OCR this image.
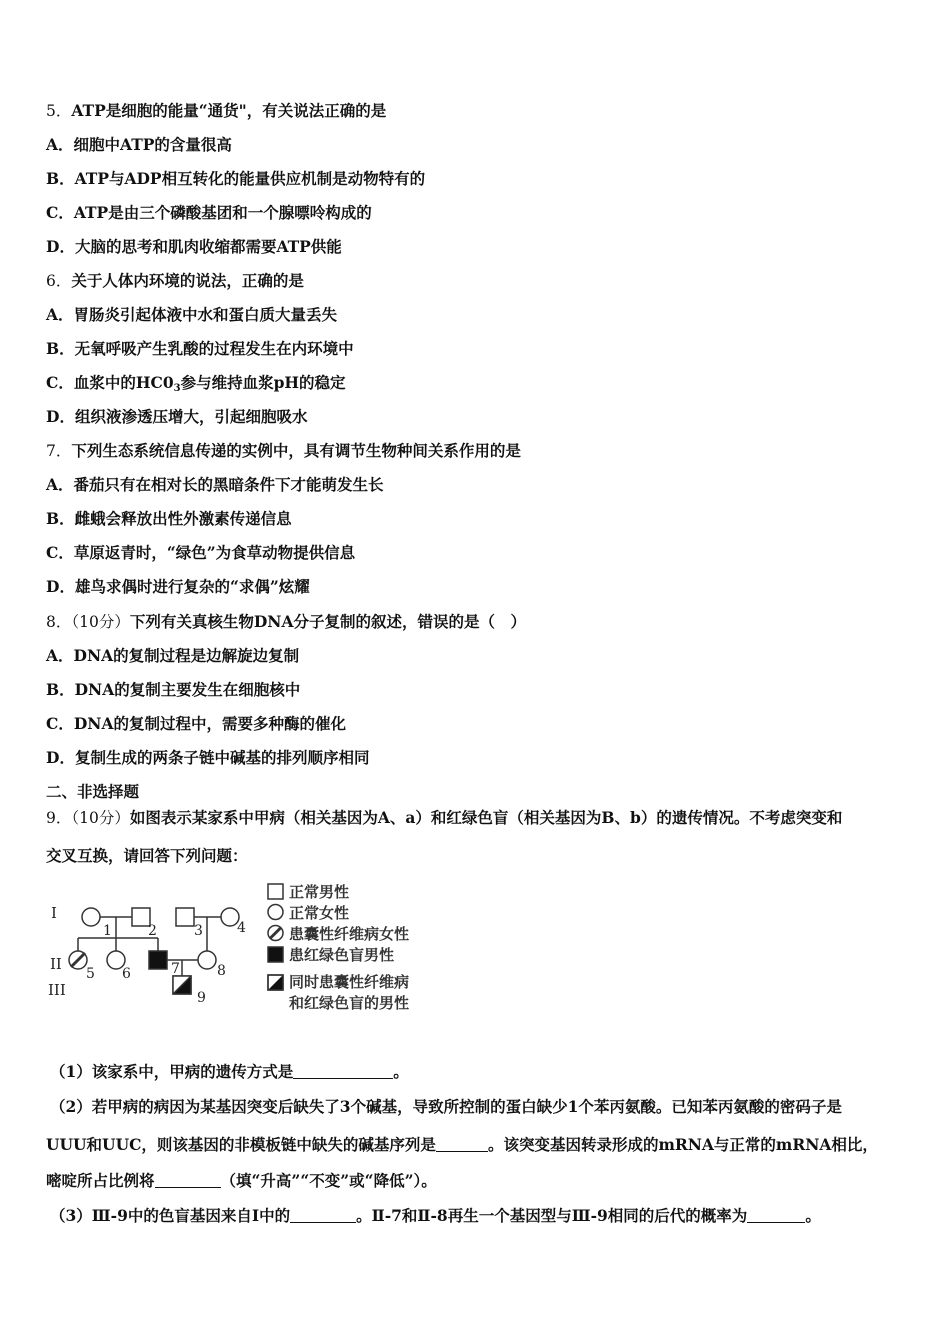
5．ATP是细胞的能量“通货"，有关说法正确的是
A．细胞中ATP的含量很高
B．ATP与ADP相互转化的能量供应机制是动物特有的
C．ATP是由三个磷酸基团和一个腺嘌呤构成的
D．大脑的思考和肌肉收缩都需要ATP供能
6．关于人体内环境的说法，正确的是
A．胃肠炎引起体液中水和蛋白质大量丢失
B．无氧呼吸产生乳酸的过程发生在内环境中
C．血浆中的$HC0_3$参与维持血浆pH的稳定
D．组织液渗透压增大，引起细胞吸水
7．下列生态系统信息传递的实例中，具有调节生物种间关系作用的是
A．番茄只有在相对长的黑暗条件下才能萌发生长
B．雌蛾会释放出性外激素传递信息
C．草原返青时，“绿色”为食草动物提供信息
D．雄鸟求偶时进行复杂的“求偶”炫耀
8．（10分）下列有关真核生物DNA分子复制的叙述，错误的是（　）
A．DNA的复制过程是边解旋边复制
B．DNA的复制主要发生在细胞核中
C．DNA的复制过程中，需要多种酶的催化
D．复制生成的两条子链中碱基的排列顺序相同
二、非选择题
9．（10分）如图表示某家系中甲病（相关基因为A、a）和红绿色盲（相关基因为B、b）的遗传情况。不考虑突变和
交叉互换，请回答下列问题：
I
II
III
1	2	3 4
5 6	7	8
9
正常男性
正常女性
患囊性纤维病女性
患红绿色盲男性
同时患囊性纤维病
和红绿色盲的男性
（1）该家系中，甲病的遗传方式是	。
（2）若甲病的病因为某基因突变后缺失了3个碱基，导致所控制的蛋白缺少1个苯丙氨酸。已知苯丙氨酸的密码子是
UUU和UUC，则该基因的非模板链中缺失的碱基序列是	。该突变基因转录形成的mRNA与正常的mRNA相比，
嘧啶所占比例将	（填“升高”“不变”或“降低”）。
（3）Ⅲ-9中的色盲基因来自Ⅰ中的	。Ⅱ-7和Ⅱ-8再生一个基因型与Ⅲ-9相同的后代的概率为	。
